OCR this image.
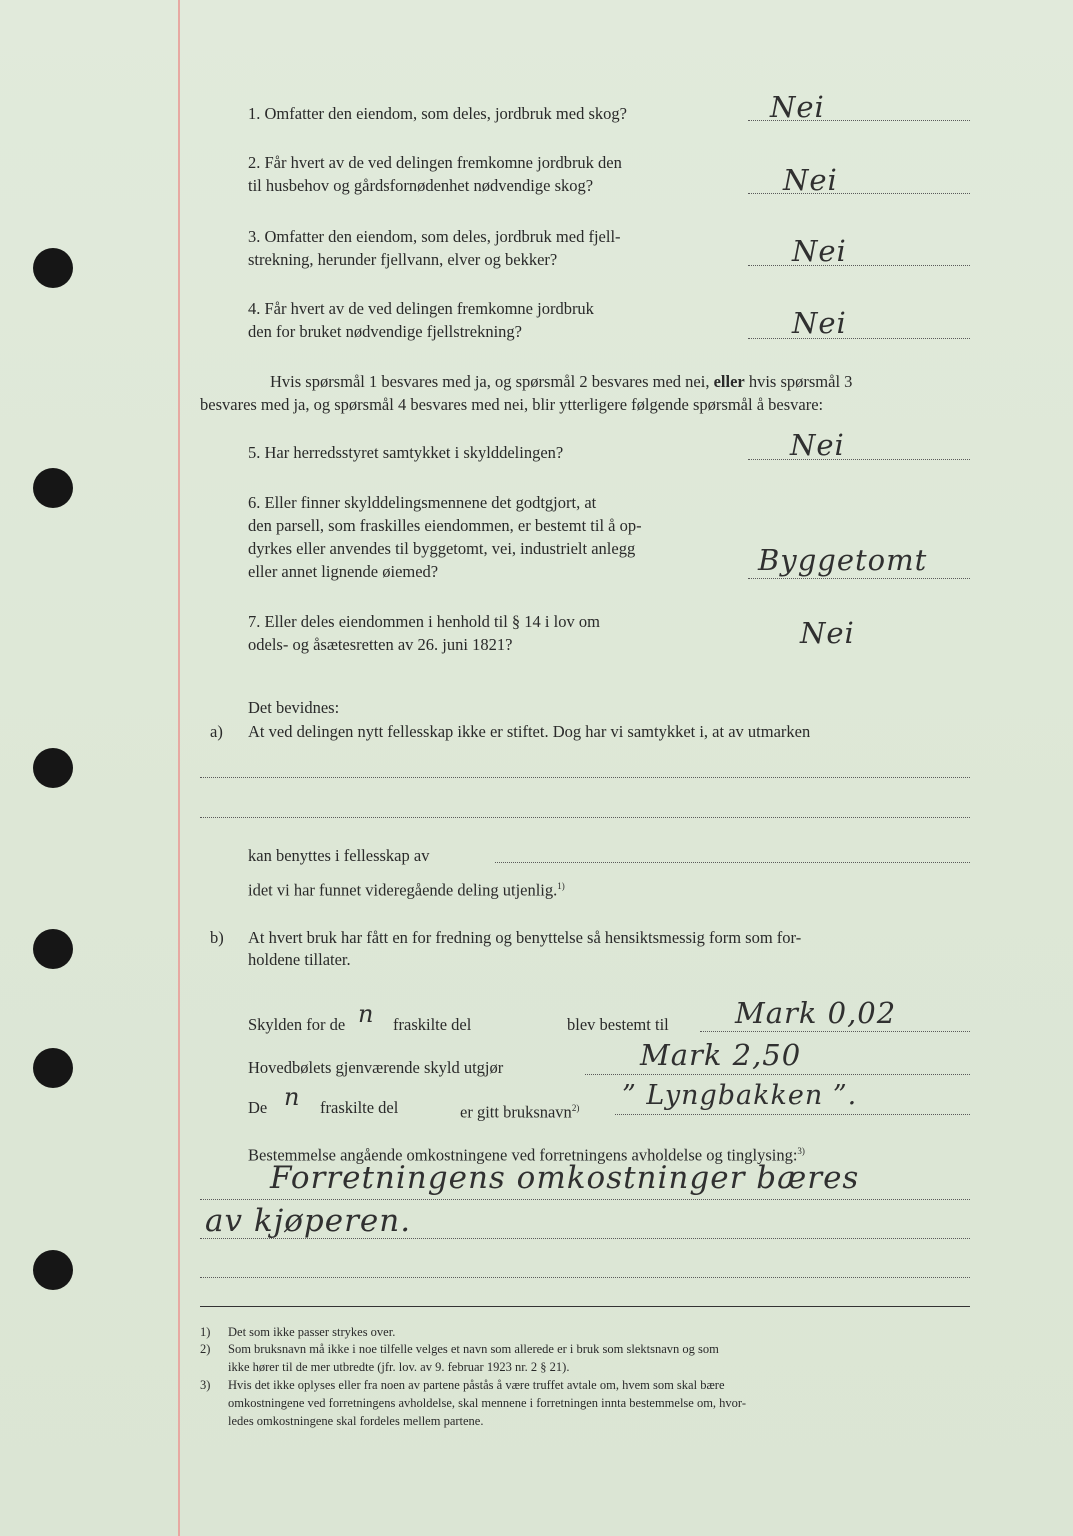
1. Omfatter den eiendom, som deles, jordbruk med skog?	Nei
2. Får hvert av de ved delingen fremkomne jordbruk den
til husbehov og gårdsfornødenhet nødvendige skog?	Nei
3. Omfatter den eiendom, som deles, jordbruk med fjell-
strekning, herunder fjellvann, elver og bekker?	Nei
4. Får hvert av de ved delingen fremkomne jordbruk
den for bruket nødvendige fjellstrekning?	Nei
Hvis spørsmål 1 besvares med ja, og spørsmål 2 besvares med nei, eller hvis spørsmål 3
besvares med ja, og spørsmål 4 besvares med nei, blir ytterligere følgende spørsmål å besvare:
5. Har herredsstyret samtykket i skylddelingen?	Nei
6. Eller finner skylddelingsmennene det godtgjort, at
den parsell, som fraskilles eiendommen, er bestemt til å op-
dyrkes eller anvendes til byggetomt, vei, industrielt anlegg
eller annet lignende øiemed?	Byggetomt
7. Eller deles eiendommen i henhold til § 14 i lov om
odels- og åsætesretten av 26. juni 1821?	Nei
Det bevidnes:
a) At ved delingen nytt fellesskap ikke er stiftet. Dog har vi samtykket i, at av utmarken
kan benyttes i fellesskap av
idet vi har funnet videregående deling utjenlig.$^{1)}$
b) At hvert bruk har fått en for fredning og benyttelse så hensiktsmessig form som for-
holdene tillater.
Skylden for de n fraskilte del	blev bestemt til Mark 0,02
Hovedbølets gjenværende skyld utgjør	Mark 2,50
De n fraskilte del	er gitt bruksnavn$^{2)}$ ” Lyngbakken ”.
Bestemmelse angående omkostningene ved forretningens avholdelse og tinglysing:$^{3)}$
Forretningens omkostninger bæres
av kjøperen.
1) Det som ikke passer strykes over.
2) Som bruksnavn må ikke i noe tilfelle velges et navn som allerede er i bruk som slektsnavn og som
ikke hører til de mer utbredte (jfr. lov. av 9. februar 1923 nr. 2 § 21).
3) Hvis det ikke oplyses eller fra noen av partene påstås å være truffet avtale om, hvem som skal bære
omkostningene ved forretningens avholdelse, skal mennene i forretningen innta bestemmelse om, hvor-
ledes omkostningene skal fordeles mellem partene.
